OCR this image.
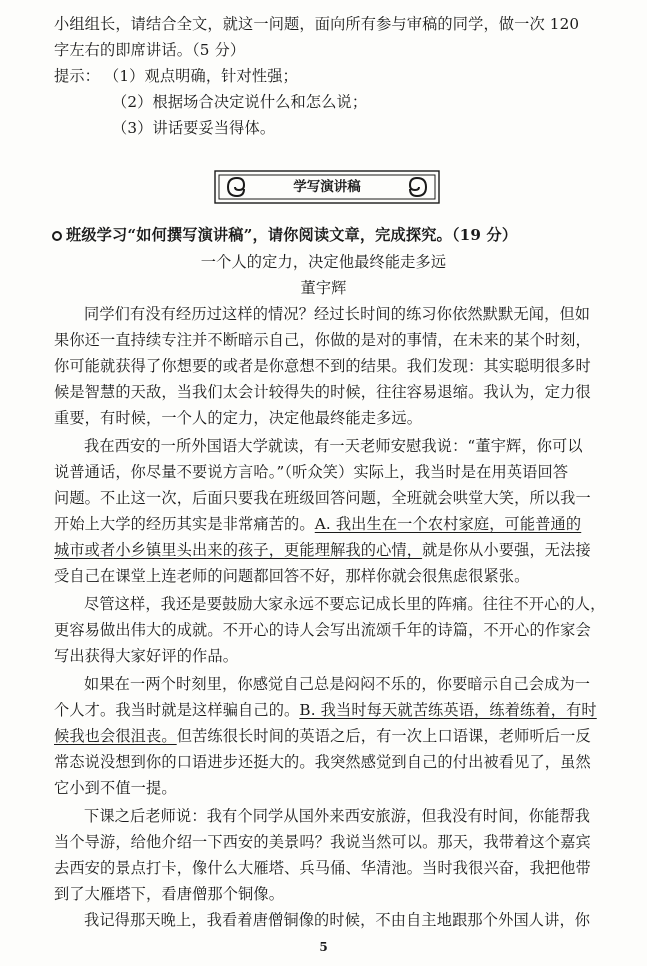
小组组长，请结合全文，就这一问题，面向所有参与审稿的同学，做一次 120
字左右的即席讲话。（5 分）
提示： （1）观点明确，针对性强；
（2）根据场合决定说什么和怎么说；
（3）讲话要妥当得体。
学写演讲稿
班级学习“如何撰写演讲稿”，请你阅读文章，完成探究。（19 分）
一个人的定力，决定他最终能走多远
董宇辉
同学们有没有经历过这样的情况？经过长时间的练习你依然默默无闻，但如
果你还一直持续专注并不断暗示自己，你做的是对的事情，在未来的某个时刻，
你可能就获得了你想要的或者是你意想不到的结果。我们发现：其实聪明很多时
候是智慧的天敌，当我们太会计较得失的时候，往往容易退缩。我认为，定力很
重要，有时候，一个人的定力，决定他最终能走多远。
我在西安的一所外国语大学就读，有一天老师安慰我说：“董宇辉，你可以
说普通话，你尽量不要说方言哈。”（听众笑）实际上，我当时是在用英语回答
问题。不止这一次，后面只要我在班级回答问题，全班就会哄堂大笑，所以我一
开始上大学的经历其实是非常痛苦的。A. 我出生在一个农村家庭，可能普通的
城市或者小乡镇里头出来的孩子，更能理解我的心情，就是你从小要强，无法接
受自己在课堂上连老师的问题都回答不好，那样你就会很焦虑很紧张。
尽管这样，我还是要鼓励大家永远不要忘记成长里的阵痛。往往不开心的人，
更容易做出伟大的成就。不开心的诗人会写出流颂千年的诗篇，不开心的作家会
写出获得大家好评的作品。
如果在一两个时刻里，你感觉自己总是闷闷不乐的，你要暗示自己会成为一
个人才。我当时就是这样骗自己的。B. 我当时每天就苦练英语，练着练着，有时
候我也会很沮丧。但苦练很长时间的英语之后，有一次上口语课，老师听后一反
常态说没想到你的口语进步还挺大的。我突然感觉到自己的付出被看见了，虽然
它小到不值一提。
下课之后老师说：我有个同学从国外来西安旅游，但我没有时间，你能帮我
当个导游，给他介绍一下西安的美景吗？我说当然可以。那天，我带着这个嘉宾
去西安的景点打卡，像什么大雁塔、兵马俑、华清池。当时我很兴奋，我把他带
到了大雁塔下，看唐僧那个铜像。
我记得那天晚上，我看着唐僧铜像的时候，不由自主地跟那个外国人讲，你
5
